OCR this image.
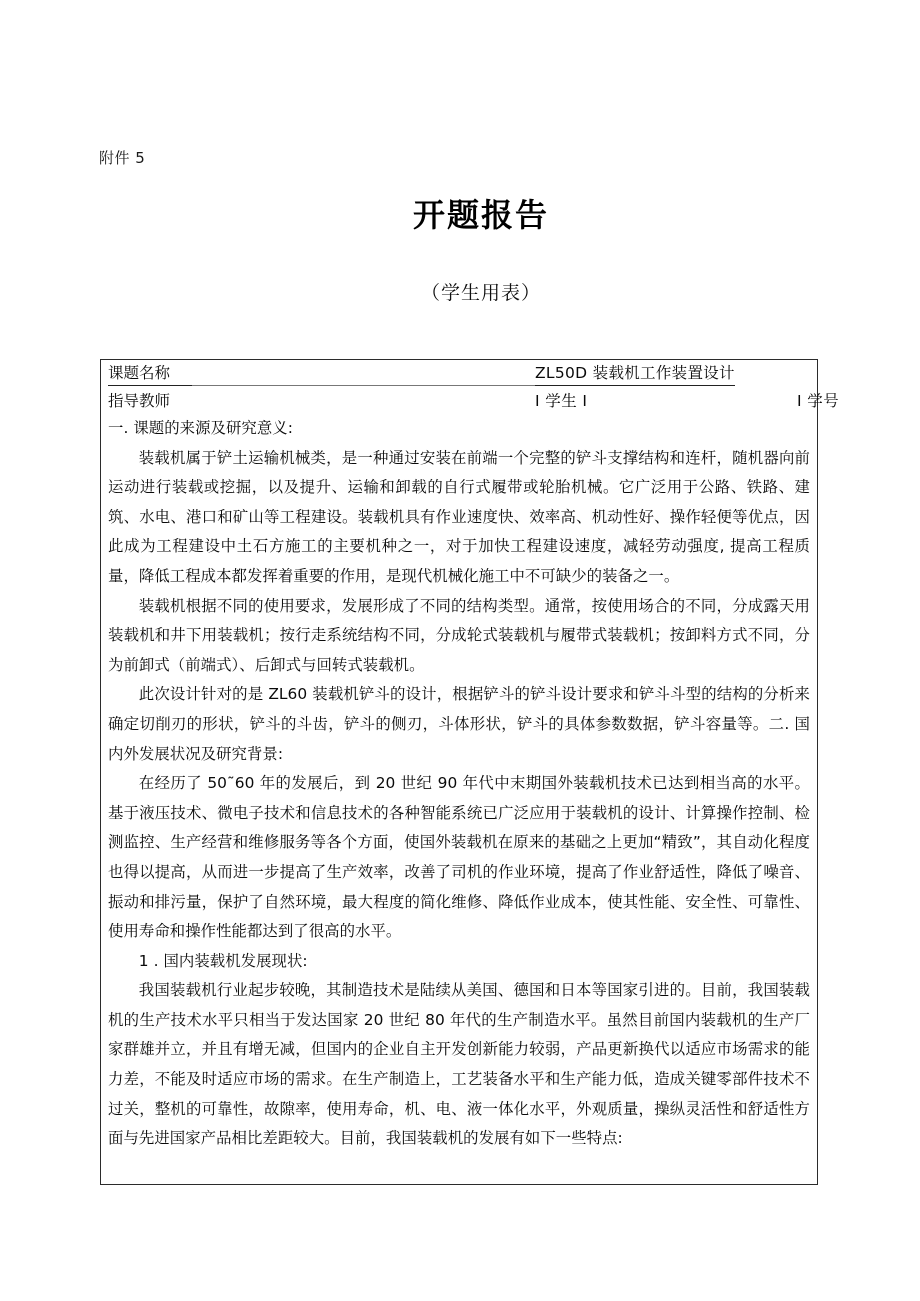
附件 5
开题报告
（学生用表）
课题名称	ZL50D 装载机工作装置设计
指导教师	I 学生 I	I 学号

一. 课题的来源及研究意义:

装载机属于铲土运输机械类，是一种通过安装在前端一个完整的铲斗支撑结构和连杆，随机器向前运动进行装载或挖掘，以及提升、运输和卸载的自行式履带或轮胎机械。它广泛用于公路、铁路、建筑、水电、港口和矿山等工程建设。装载机具有作业速度快、效率高、机动性好、操作轻便等优点，因此成为工程建设中土石方施工的主要机种之一，对于加快工程建设速度，减轻劳动强度, 提高工程质量，降低工程成本都发挥着重要的作用，是现代机械化施工中不可缺少的装备之一。

装载机根据不同的使用要求，发展形成了不同的结构类型。通常，按使用场合的不同，分成露天用装载机和井下用装载机；按行走系统结构不同，分成轮式装载机与履带式装载机；按卸料方式不同，分为前卸式（前端式）、后卸式与回转式装载机。

此次设计针对的是 ZL60 装载机铲斗的设计，根据铲斗的铲斗设计要求和铲斗斗型的结构的分析来确定切削刃的形状，铲斗的斗齿，铲斗的侧刃，斗体形状，铲斗的具体参数数据，铲斗容量等。二. 国内外发展状况及研究背景:

在经历了 50˜60 年的发展后，到 20 世纪 90 年代中末期国外装载机技术已达到相当高的水平。基于液压技术、微电子技术和信息技术的各种智能系统已广泛应用于装载机的设计、计算操作控制、检测监控、生产经营和维修服务等各个方面，使国外装载机在原来的基础之上更加“精致”，其自动化程度也得以提高，从而进一步提高了生产效率，改善了司机的作业环境，提高了作业舒适性，降低了噪音、振动和排污量，保护了自然环境，最大程度的简化维修、降低作业成本，使其性能、安全性、可靠性、使用寿命和操作性能都达到了很高的水平。

1 . 国内装载机发展现状:

我国装载机行业起步较晚，其制造技术是陆续从美国、德国和日本等国家引进的。目前，我国装载机的生产技术水平只相当于发达国家 20 世纪 80 年代的生产制造水平。虽然目前国内装载机的生产厂家群雄并立，并且有增无减，但国内的企业自主开发创新能力较弱，产品更新换代以适应市场需求的能力差，不能及时适应市场的需求。在生产制造上，工艺装备水平和生产能力低，造成关键零部件技术不过关，整机的可靠性，故隙率，使用寿命，机、电、液一体化水平，外观质量，操纵灵活性和舒适性方面与先进国家产品相比差距较大。目前，我国装载机的发展有如下一些特点:
